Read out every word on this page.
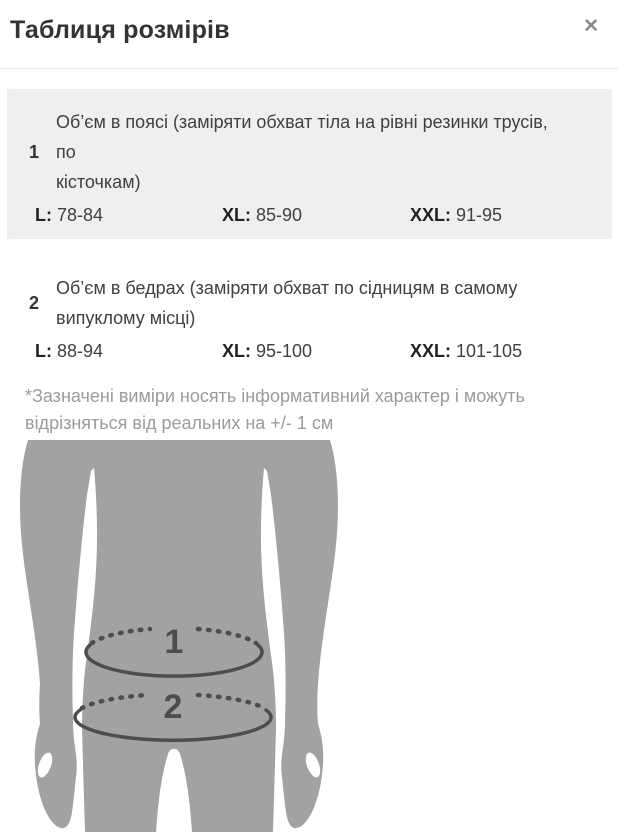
Таблиця розмірів	✕
1
Об’єм в поясі (заміряти обхват тіла на рівні резинки трусів, по
кісточкам)
L: 78-84	XL: 85-90	XXL: 91-95
2
Об’єм в бедрах (заміряти обхват по сідницям в самому
випуклому місці)
L: 88-94	XL: 95-100	XXL: 101-105
*Зазначені виміри носять інформативний характер і можуть
відрізняться від реальних на +/- 1 см
1
2
